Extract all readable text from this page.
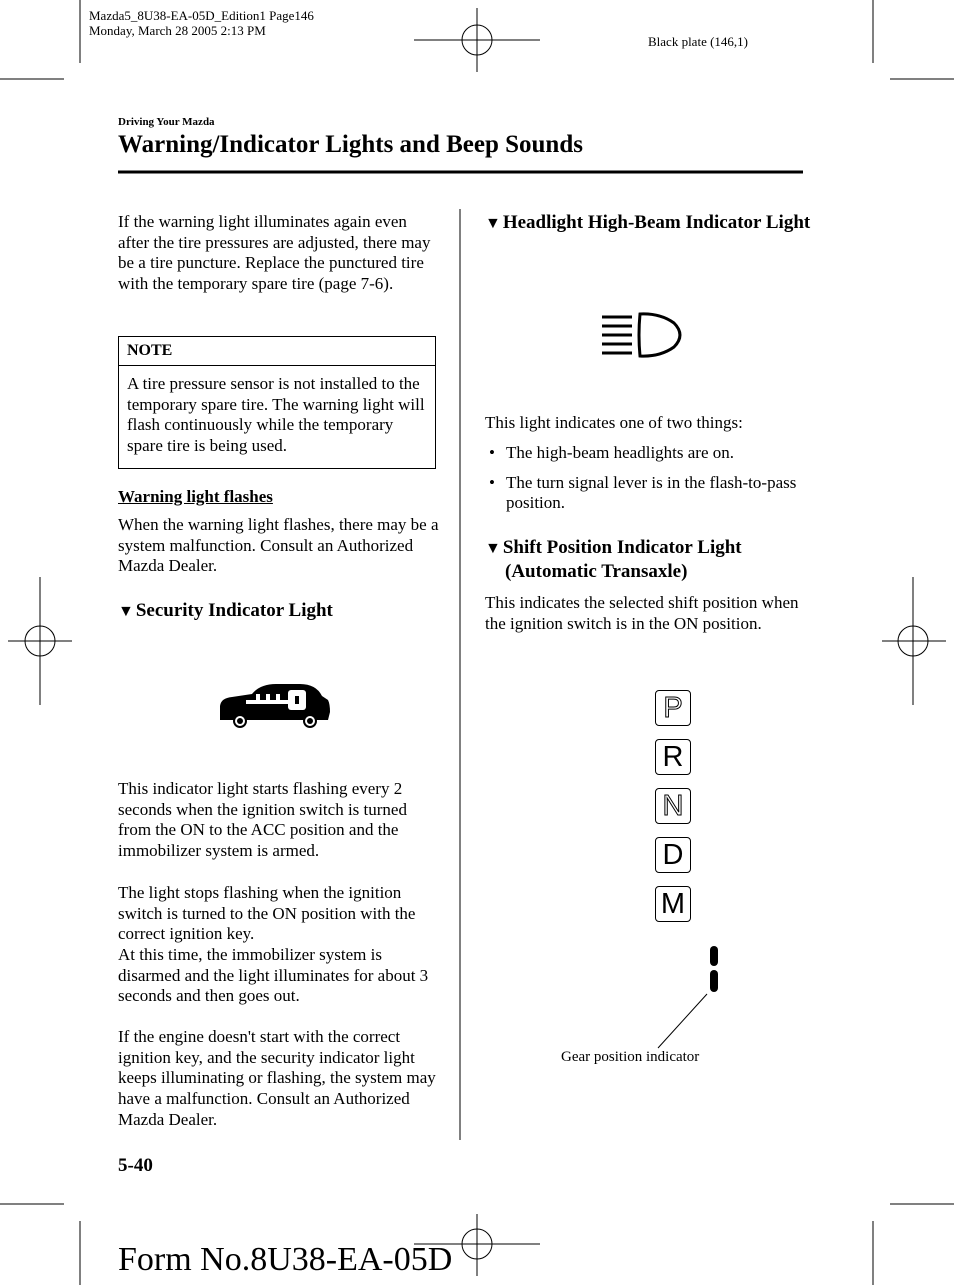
Mazda5_8U38-EA-05D_Edition1 Page146
Monday, March 28 2005 2:13 PM
Black plate (146,1)
Driving Your Mazda
Warning/Indicator Lights and Beep Sounds
If the warning light illuminates again even after the tire pressures are adjusted, there may be a tire puncture. Replace the punctured tire with the temporary spare tire (page 7-6).
NOTE
A tire pressure sensor is not installed to the temporary spare tire. The warning light will flash continuously while the temporary spare tire is being used.
Warning light flashes
When the warning light flashes, there may be a system malfunction. Consult an Authorized Mazda Dealer.
▼ Security Indicator Light
This indicator light starts flashing every 2 seconds when the ignition switch is turned from the ON to the ACC position and the immobilizer system is armed.
The light stops flashing when the ignition switch is turned to the ON position with the correct ignition key.
At this time, the immobilizer system is disarmed and the light illuminates for about 3 seconds and then goes out.
If the engine doesn't start with the correct ignition key, and the security indicator light keeps illuminating or flashing, the system may have a malfunction. Consult an Authorized Mazda Dealer.
▼ Headlight High-Beam Indicator Light
This light indicates one of two things:
• The high-beam headlights are on.
• The turn signal lever is in the flash-to-pass position.
▼ Shift Position Indicator Light (Automatic Transaxle)
This indicates the selected shift position when the ignition switch is in the ON position.
P
R
N
D
M
Gear position indicator
5-40
Form No.8U38-EA-05D
